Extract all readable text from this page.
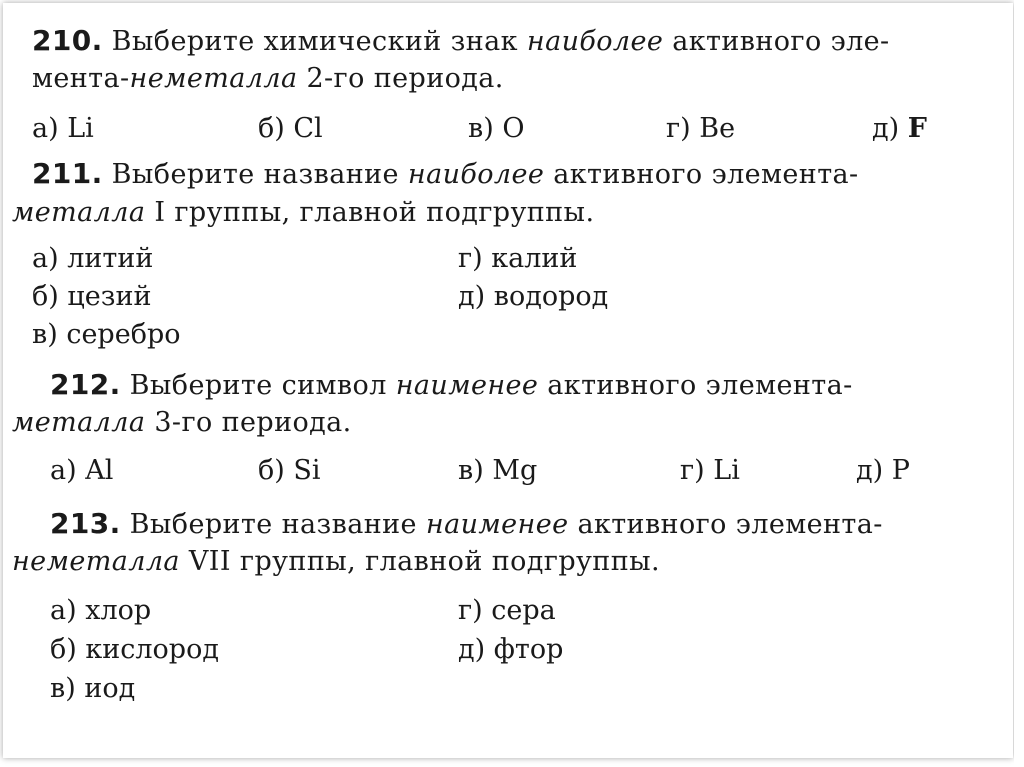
210. Выберите химический знак наиболее активного эле-
мента-неметалла 2-го периода.
а) Li	б) Cl	в) O	г) Be	д) F
211. Выберите название наиболее активного элемента-
металла I группы, главной подгруппы.
а) литий	г) калий
б) цезий	д) водород
в) серебро
212. Выберите символ наименее активного элемента-
металла 3-го периода.
а) Al	б) Si	в) Mg	г) Li	д) P
213. Выберите название наименее активного элемента-
неметалла VII группы, главной подгруппы.
а) хлор	г) сера
б) кислород	д) фтор
в) иод
